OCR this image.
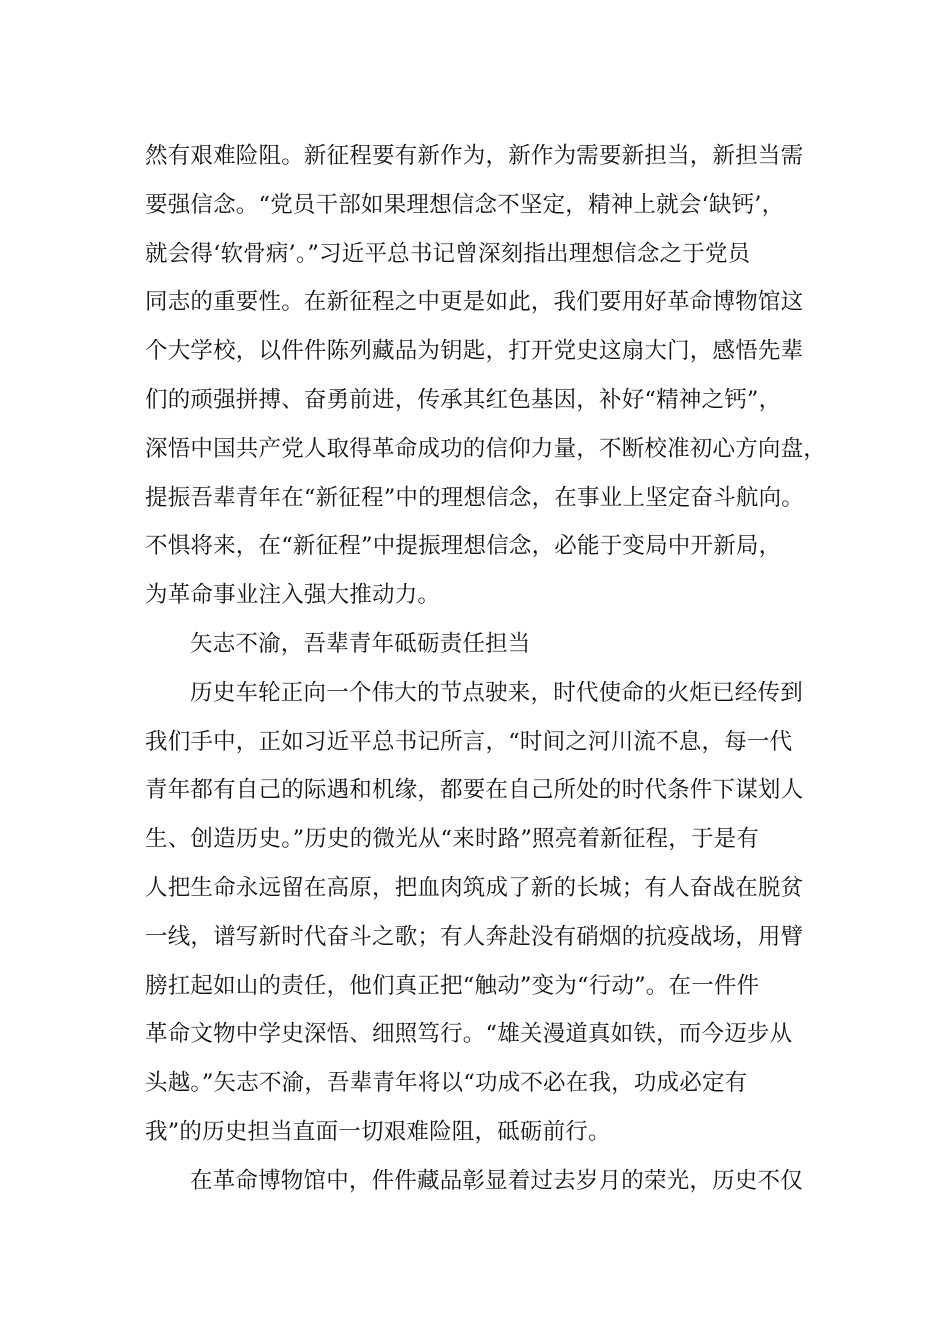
然有艰难险阻。新征程要有新作为，新作为需要新担当，新担当需
要强信念。“党员干部如果理想信念不坚定，精神上就会‘缺钙’，
就会得‘软骨病’。”习近平总书记曾深刻指出理想信念之于党员
同志的重要性。在新征程之中更是如此，我们要用好革命博物馆这
个大学校，以件件陈列藏品为钥匙，打开党史这扇大门，感悟先辈
们的顽强拼搏、奋勇前进，传承其红色基因，补好“精神之钙”，
深悟中国共产党人取得革命成功的信仰力量，不断校准初心方向盘，
提振吾辈青年在“新征程”中的理想信念，在事业上坚定奋斗航向。
不惧将来，在“新征程”中提振理想信念，必能于变局中开新局，
为革命事业注入强大推动力。
矢志不渝，吾辈青年砥砺责任担当
历史车轮正向一个伟大的节点驶来，时代使命的火炬已经传到
我们手中，正如习近平总书记所言，“时间之河川流不息，每一代
青年都有自己的际遇和机缘，都要在自己所处的时代条件下谋划人
生、创造历史。”历史的微光从“来时路”照亮着新征程，于是有
人把生命永远留在高原，把血肉筑成了新的长城；有人奋战在脱贫
一线，谱写新时代奋斗之歌；有人奔赴没有硝烟的抗疫战场，用臂
膀扛起如山的责任，他们真正把“触动”变为“行动”。在一件件
革命文物中学史深悟、细照笃行。“雄关漫道真如铁，而今迈步从
头越。”矢志不渝，吾辈青年将以“功成不必在我，功成必定有
我”的历史担当直面一切艰难险阻，砥砺前行。
在革命博物馆中，件件藏品彰显着过去岁月的荣光，历史不仅
